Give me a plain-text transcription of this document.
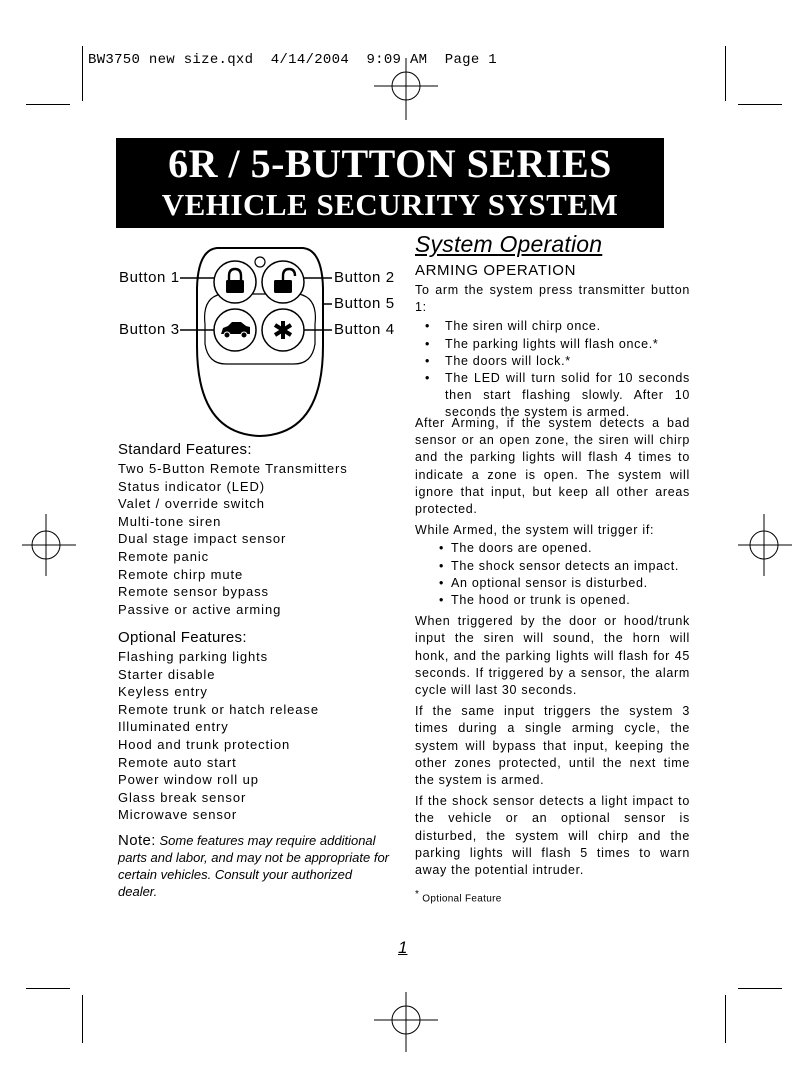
BW3750 new size.qxd  4/14/2004  9:09 AM  Page 1
6R / 5-BUTTON SERIES
VEHICLE SECURITY SYSTEM
Button 1
Button 3
Button 2
Button 5
Button 4
Standard Features:
Two 5-Button Remote Transmitters
Status indicator (LED)
Valet / override switch
Multi-tone siren
Dual stage impact sensor
Remote panic
Remote chirp mute
Remote sensor bypass
Passive or active arming
Optional Features:
Flashing parking lights
Starter disable
Keyless entry
Remote trunk or hatch release
Illuminated entry
Hood and trunk protection
Remote auto start
Power window roll up
Glass break sensor
Microwave sensor
Note: Some features may require additional parts and labor, and may not be appropriate for certain vehicles. Consult your authorized dealer.
System Operation
ARMING OPERATION

To arm the system press transmitter button 1:

• The siren will chirp once.
• The parking lights will flash once.*
• The doors will lock.*
• The LED will turn solid for 10 seconds then start flashing slowly. After 10 seconds the system is armed.

After Arming, if the system detects a bad sensor or an open zone, the siren will chirp and the parking lights will flash 4 times to indicate a zone is open. The system will ignore that input, but keep all other areas protected.

While Armed, the system will trigger if:

• The doors are opened.
• The shock sensor detects an impact.
• An optional sensor is disturbed.
• The hood or trunk is opened.

When triggered by the door or hood/trunk input the siren will sound, the horn will honk, and the parking lights will flash for 45 seconds. If triggered by a sensor, the alarm cycle will last 30 seconds.

If the same input triggers the system 3 times during a single arming cycle, the system will bypass that input, keeping the other zones protected, until the next time the system is armed.

If the shock sensor detects a light impact to the vehicle or an optional sensor is disturbed, the system will chirp and the parking lights will flash 5 times to warn away the potential intruder.

* Optional Feature
1
